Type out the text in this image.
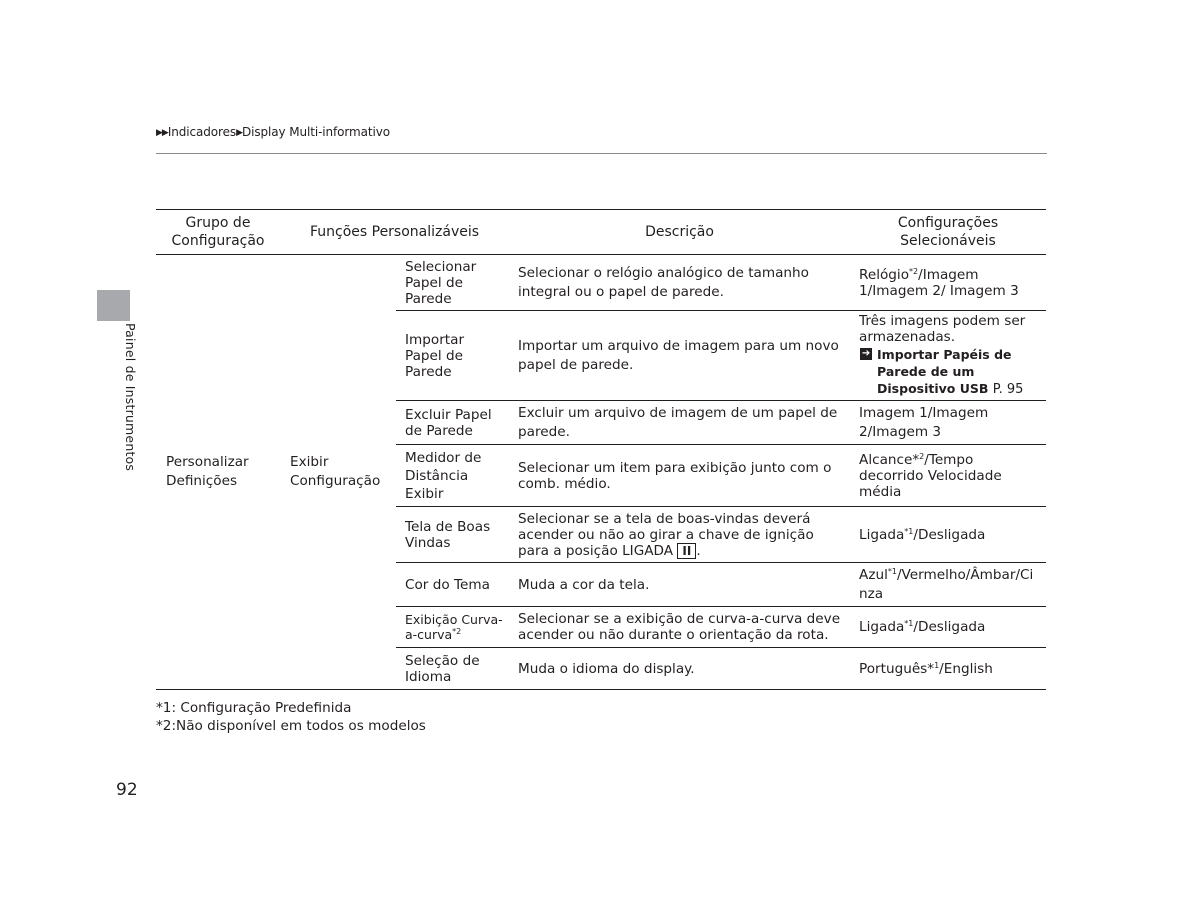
▶▶Indicadores▶Display Multi-informativo
Painel de Instrumentos
Grupo de Configuração	Funções Personalizáveis		Descrição	Configurações Selecionáveis
Personalizar Definições	Exibir Configuração	Selecionar Papel de Parede	Selecionar o relógio analógico de tamanho integral ou o papel de parede.	Relógio$^{*2}$/Imagem 1/Imagem 2/ Imagem 3
		Importar Papel de Parede	Importar um arquivo de imagem para um novo papel de parede.	Três imagens podem ser armazenadas.
➔ Importar Papéis de Parede de um Dispositivo USB P. 95

		Excluir Papel de Parede	Excluir um arquivo de imagem de um papel de parede.	Imagem 1/Imagem 2/Imagem 3
		Medidor de Distância Exibir	Selecionar um item para exibição junto com o comb. médio.	Alcance*$^2$/Tempo decorrido Velocidade média
		Tela de Boas Vindas	Selecionar se a tela de boas-vindas deverá acender ou não ao girar a chave de ignição para a posição LIGADA II .	Ligada$^{*1}$/Desligada
		Cor do Tema	Muda a cor da tela.	Azul$^{*1}$/Vermelho/Âmbar/Ci nza
		Exibição Curva-a-curva$^{*2}$	Selecionar se a exibição de curva-a-curva deve acender ou não durante o orientação da rota.	Ligada$^{*1}$/Desligada
		Seleção de Idioma	Muda o idioma do display.	Português*$^1$/English
*1: Configuração Predefinida
*2:Não disponível em todos os modelos
92
